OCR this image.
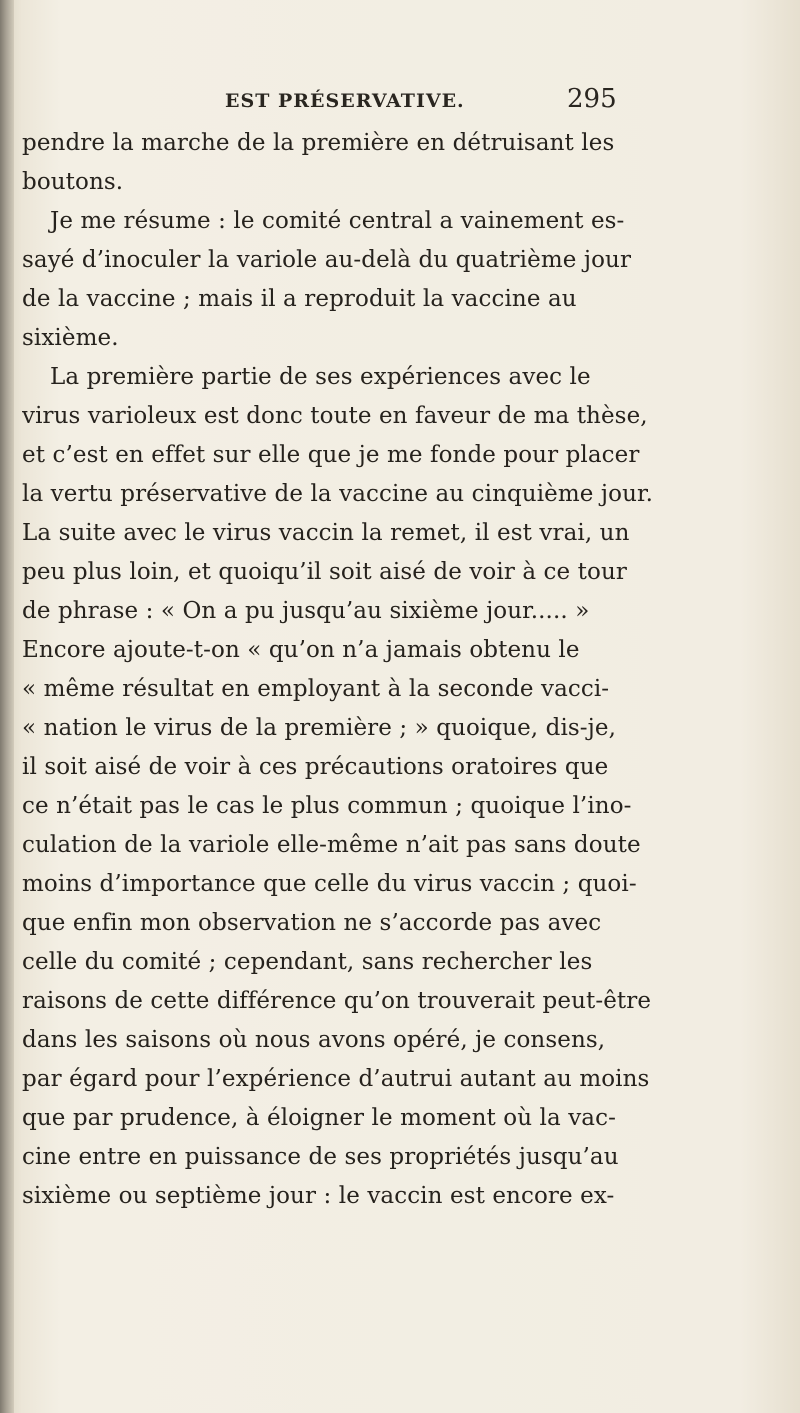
EST PRÉSERVATIVE.	295
pendre la marche de la première en détruisant les
boutons.
Je me résume : le comité central a vainement es-
sayé d’inoculer la variole au-delà du quatrième jour
de la vaccine ; mais il a reproduit la vaccine au
sixième.
La première partie de ses expériences avec le
virus varioleux est donc toute en faveur de ma thèse,
et c’est en effet sur elle que je me fonde pour placer
la vertu préservative de la vaccine au cinquième jour.
La suite avec le virus vaccin la remet, il est vrai, un
peu plus loin, et quoiqu’il soit aisé de voir à ce tour
de phrase : « On a pu jusqu’au sixième jour..... »
Encore ajoute-t-on « qu’on n’a jamais obtenu le
« même résultat en employant à la seconde vacci-
« nation le virus de la première ; » quoique, dis-je,
il soit aisé de voir à ces précautions oratoires que
ce n’était pas le cas le plus commun ; quoique l’ino-
culation de la variole elle-même n’ait pas sans doute
moins d’importance que celle du virus vaccin ; quoi-
que enfin mon observation ne s’accorde pas avec
celle du comité ; cependant, sans rechercher les
raisons de cette différence qu’on trouverait peut-être
dans les saisons où nous avons opéré, je consens,
par égard pour l’expérience d’autrui autant au moins
que par prudence, à éloigner le moment où la vac-
cine entre en puissance de ses propriétés jusqu’au
sixième ou septième jour : le vaccin est encore ex-
